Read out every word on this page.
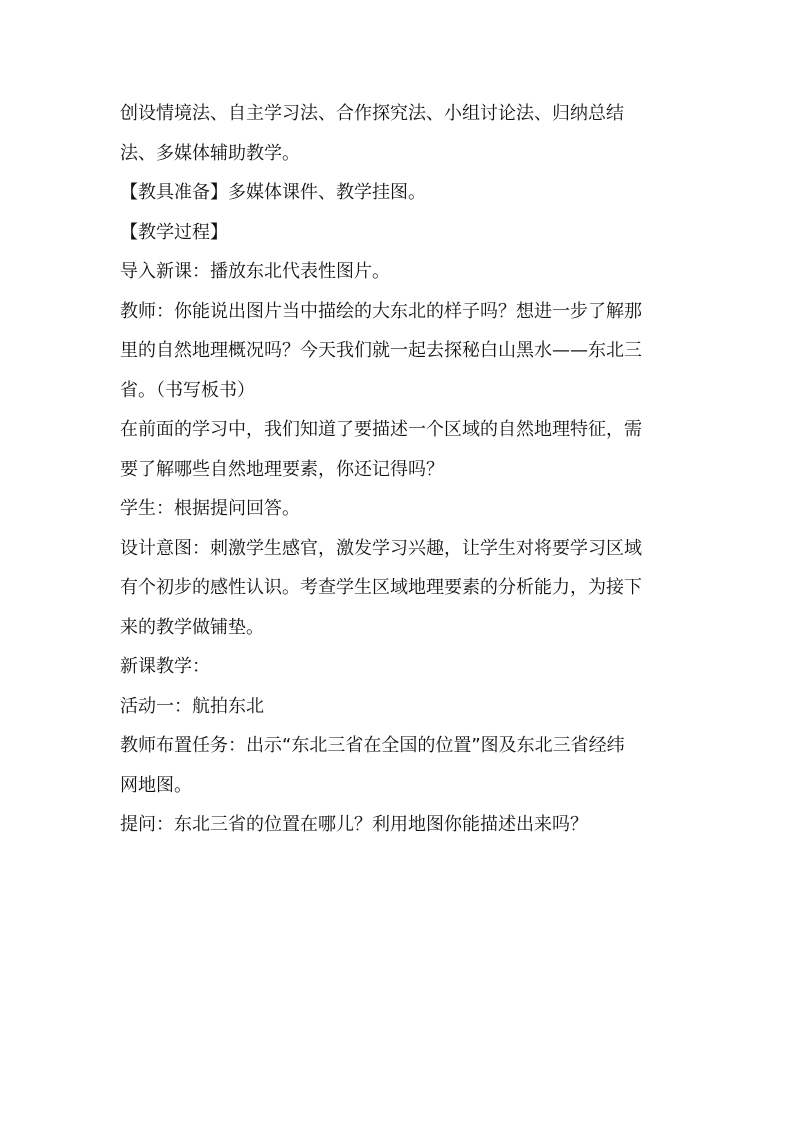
创设情境法、自主学习法、合作探究法、小组讨论法、归纳总结
法、多媒体辅助教学。
【教具准备】多媒体课件、教学挂图。
【教学过程】
导入新课：播放东北代表性图片。
教师：你能说出图片当中描绘的大东北的样子吗？想进一步了解那
里的自然地理概况吗？今天我们就一起去探秘白山黑水——东北三
省。（书写板书）
在前面的学习中，我们知道了要描述一个区域的自然地理特征，需
要了解哪些自然地理要素，你还记得吗？
学生：根据提问回答。
设计意图：刺激学生感官，激发学习兴趣，让学生对将要学习区域
有个初步的感性认识。考查学生区域地理要素的分析能力，为接下
来的教学做铺垫。
新课教学：
活动一：航拍东北
教师布置任务：出示“东北三省在全国的位置”图及东北三省经纬
网地图。
提问：东北三省的位置在哪儿？利用地图你能描述出来吗？
